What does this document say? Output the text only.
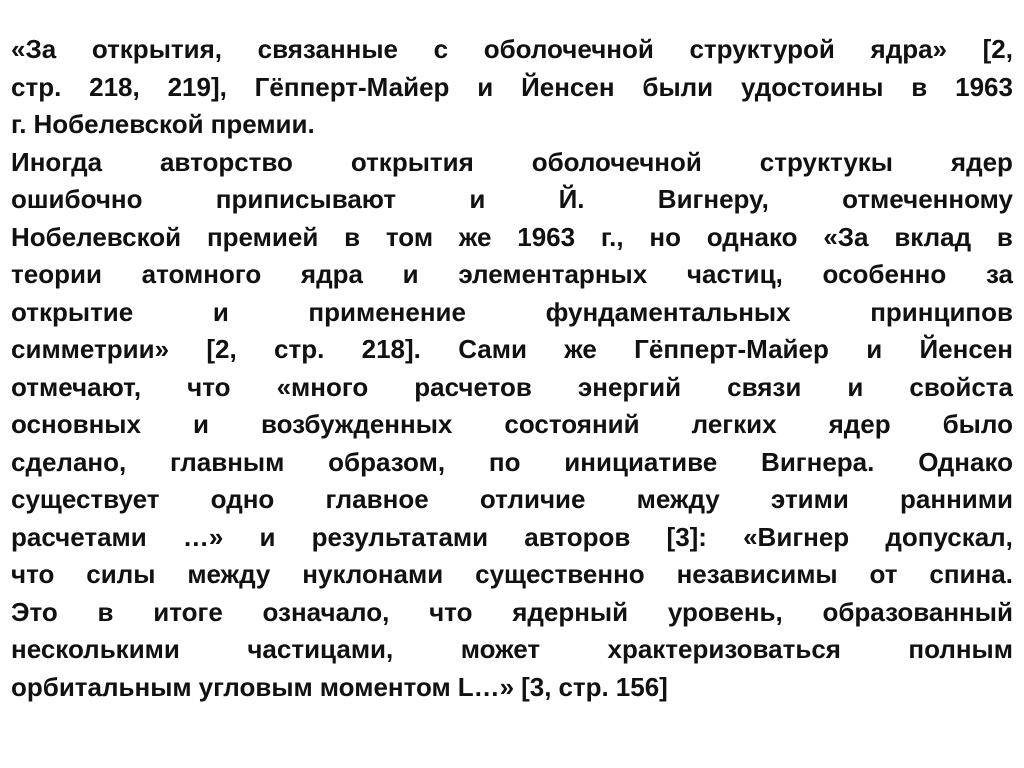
«За открытия, связанные с оболочечной структурой ядра» [2,
стр. 218, 219], Гёпперт-Майер и Йенсен были удостоины в 1963
г. Нобелевской премии.
Иногда авторство открытия оболочечной структукы ядер
ошибочно	приписывают	и	Й.	Вигнеру,	отмеченному
Нобелевской премией в том же 1963 г., но однако «За вклад в
теории атомного ядра и элементарных частиц, особенно за
открытие	и	применение	фундаментальных	принципов
симметрии» [2, стр. 218]. Сами же Гёпперт-Майер и Йенсен
отмечают, что «много расчетов энергий связи и свойста
основных и возбужденных состояний легких ядер было
сделано, главным образом, по инициативе Вигнера. Однако
существует одно главное отличие между этими ранними
расчетами …» и результатами авторов [3]: «Вигнер допускал,
что силы между нуклонами существенно независимы от спина.
Это в итоге означало, что ядерный уровень, образованный
несколькими	частицами,	может	храктеризоваться	полным
орбитальным угловым моментом L…» [3, стр. 156]
